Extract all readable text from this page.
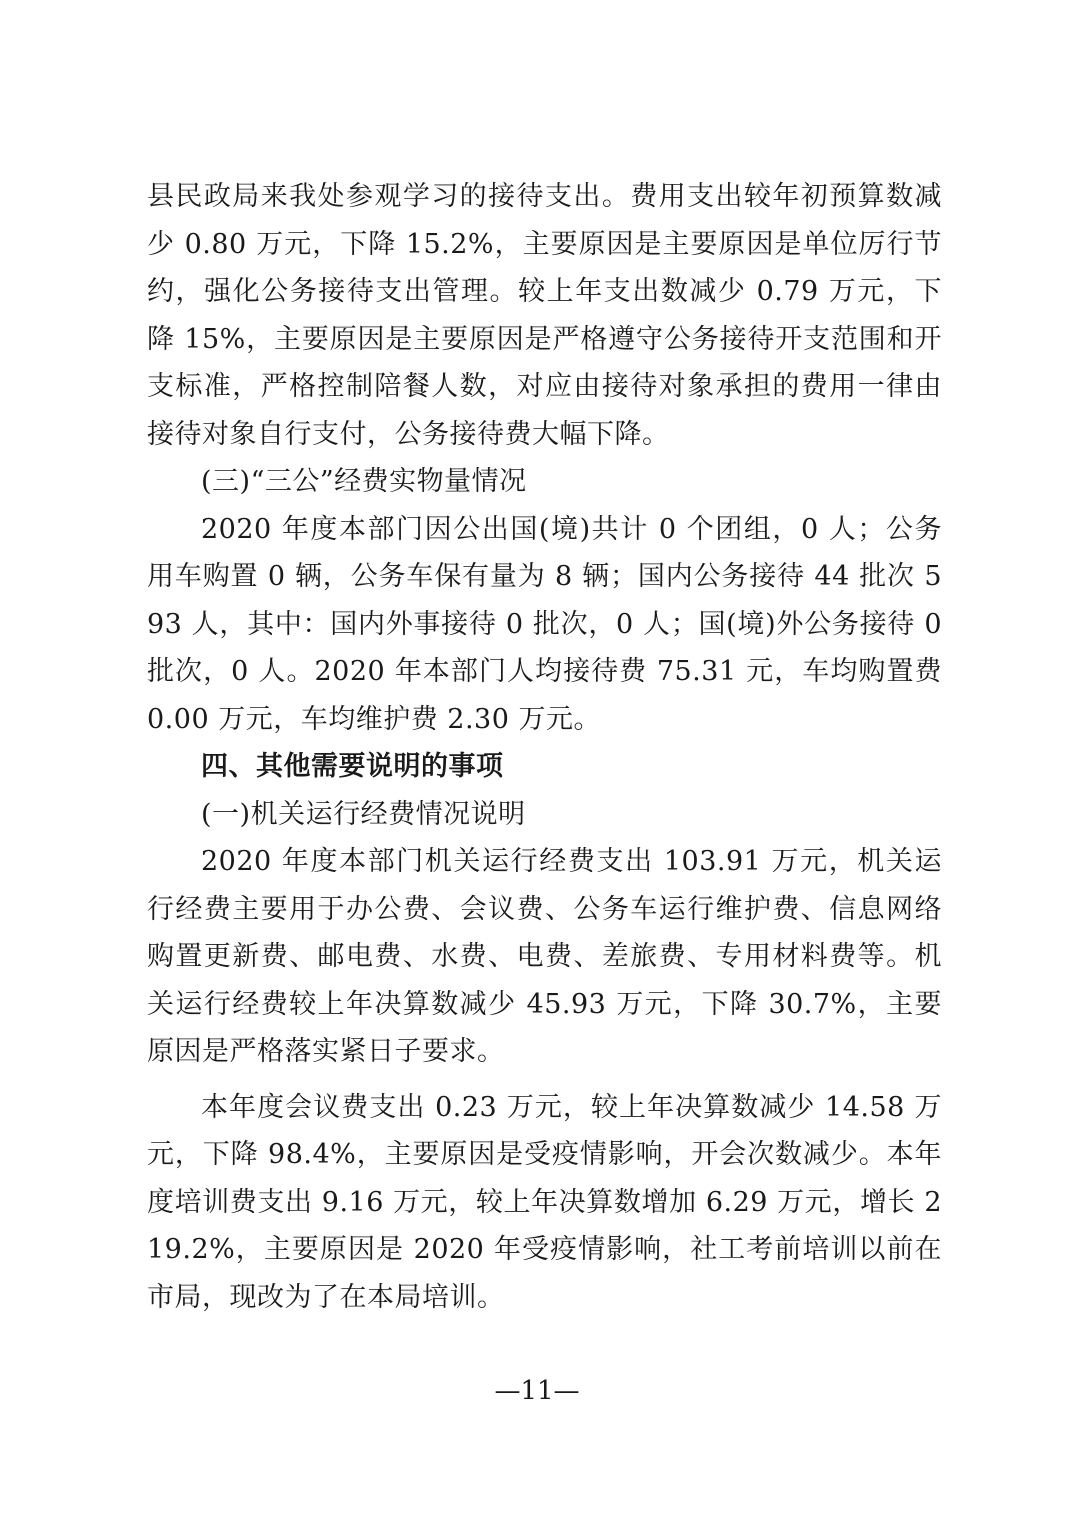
县民政局来我处参观学习的接待支出。费用支出较年初预算数减少 0.80 万元，下降 15.2%，主要原因是主要原因是单位厉行节约，强化公务接待支出管理。较上年支出数减少 0.79 万元，下降 15%，主要原因是主要原因是严格遵守公务接待开支范围和开支标准，严格控制陪餐人数，对应由接待对象承担的费用一律由接待对象自行支付，公务接待费大幅下降。

(三)“三公”经费实物量情况

2020 年度本部门因公出国(境)共计 0 个团组，0 人；公务用车购置 0 辆，公务车保有量为 8 辆；国内公务接待 44 批次 593 人，其中：国内外事接待 0 批次，0 人；国(境)外公务接待 0 批次，0 人。2020 年本部门人均接待费 75.31 元，车均购置费 0.00 万元，车均维护费 2.30 万元。

四、其他需要说明的事项

(一)机关运行经费情况说明

2020 年度本部门机关运行经费支出 103.91 万元，机关运行经费主要用于办公费、会议费、公务车运行维护费、信息网络购置更新费、邮电费、水费、电费、差旅费、专用材料费等。机关运行经费较上年决算数减少 45.93 万元，下降 30.7%，主要原因是严格落实紧日子要求。

本年度会议费支出 0.23 万元，较上年决算数减少 14.58 万元，下降 98.4%，主要原因是受疫情影响，开会次数减少。本年度培训费支出 9.16 万元，较上年决算数增加 6.29 万元，增长 219.2%，主要原因是 2020 年受疫情影响，社工考前培训以前在市局，现改为了在本局培训。

—11—
